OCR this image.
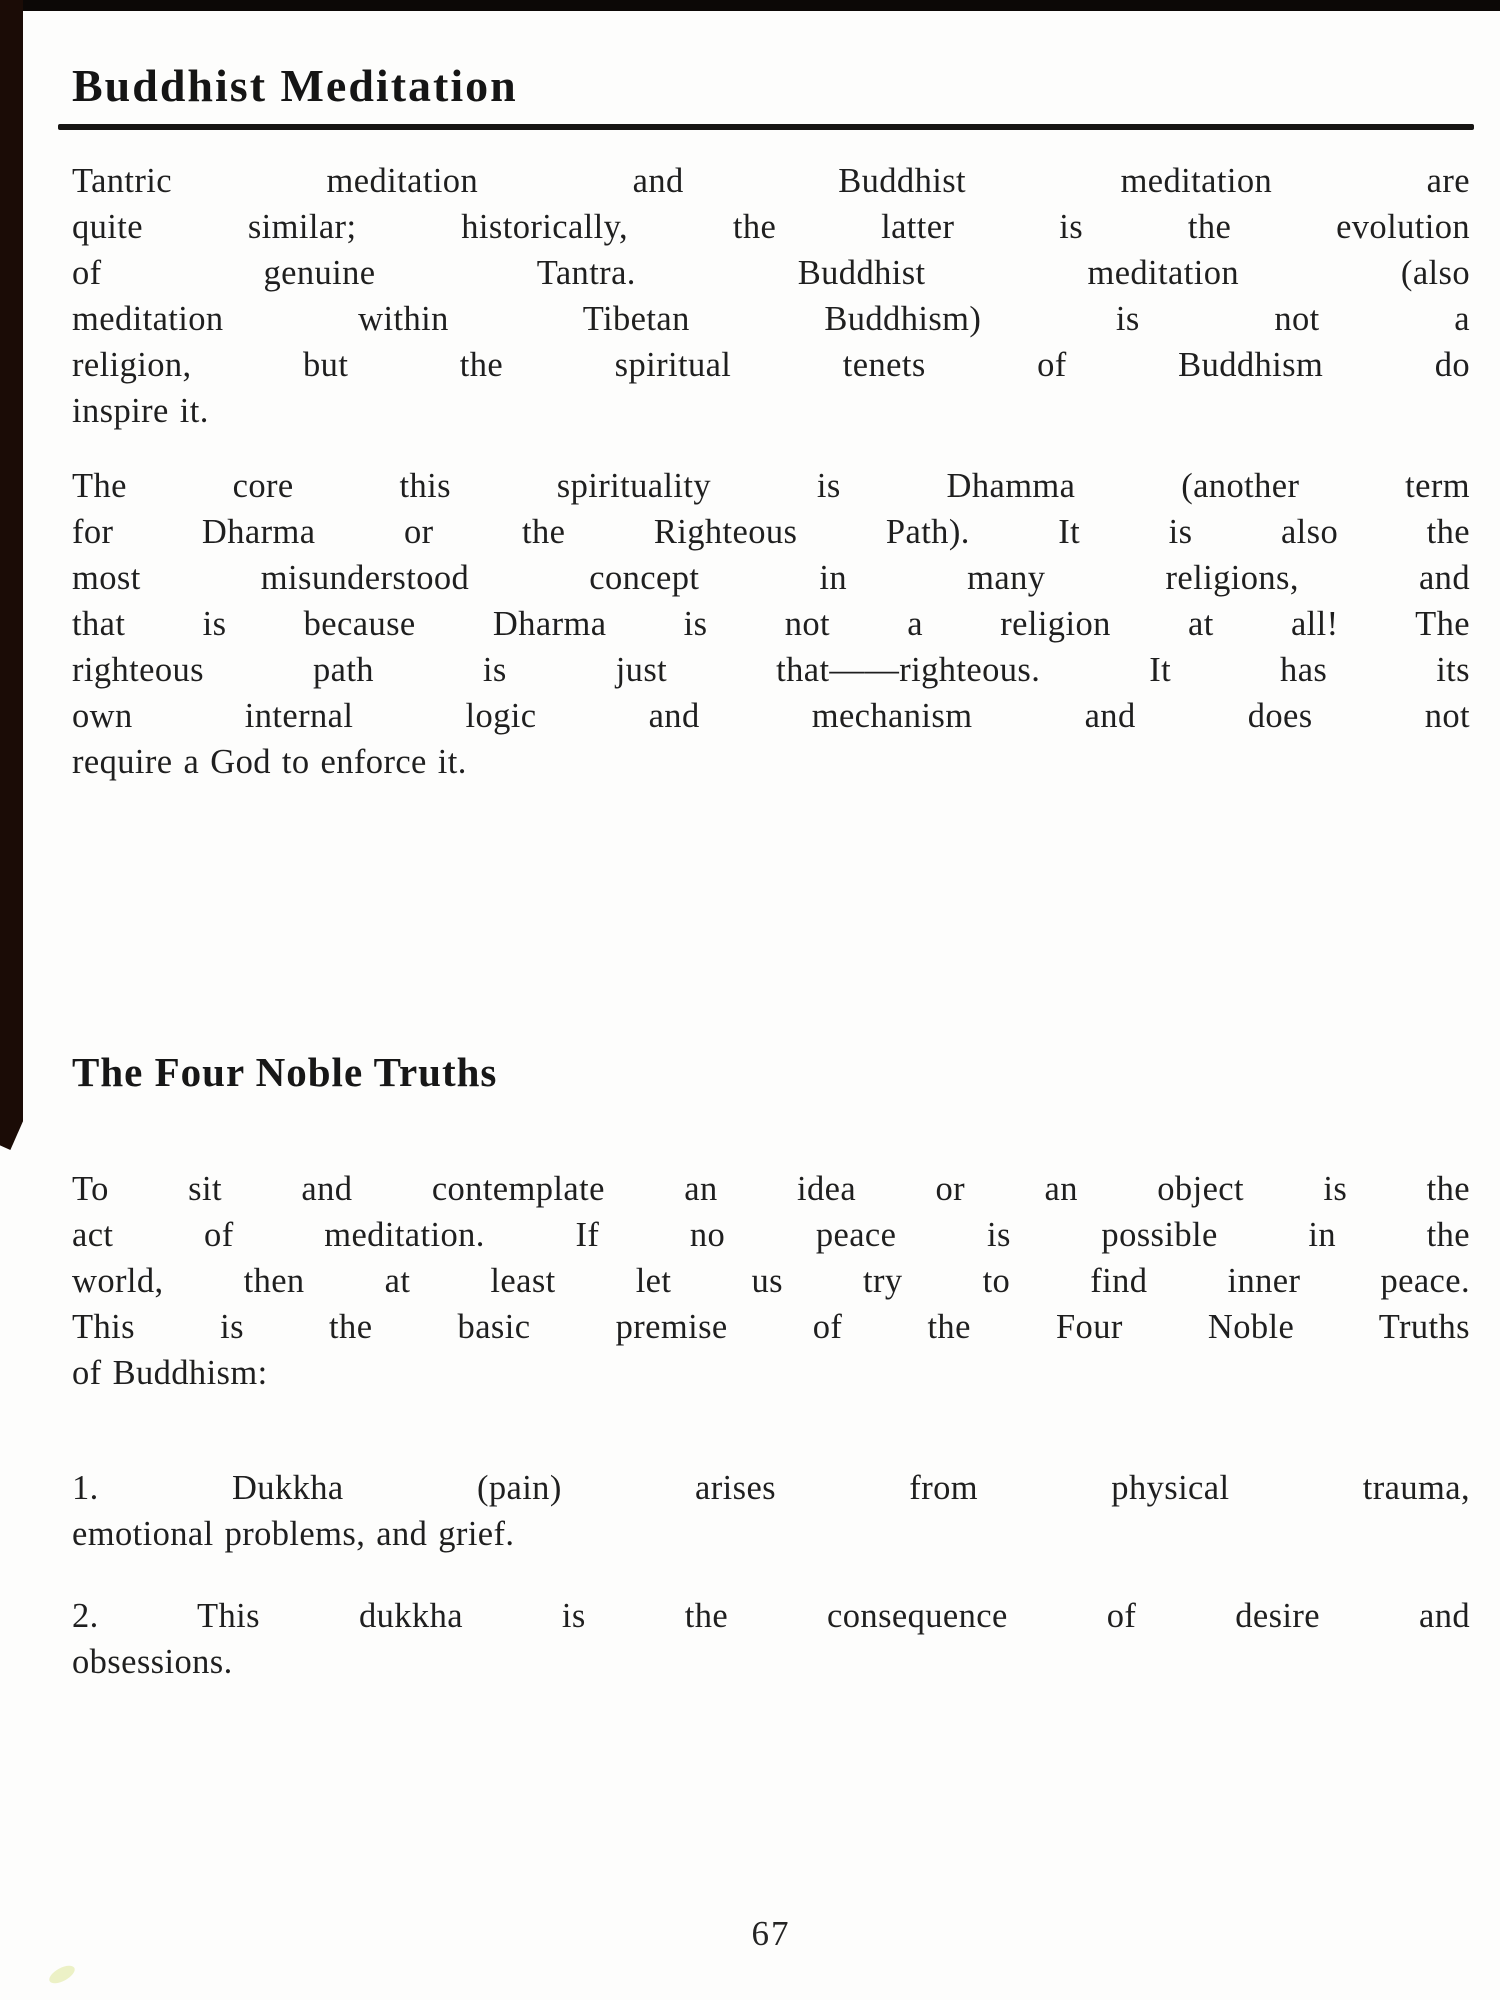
Buddhist Meditation
Tantric meditation and Buddhist meditation are
quite similar; historically, the latter is the evolution
of genuine Tantra. Buddhist meditation (also
meditation within Tibetan Buddhism) is not a
religion, but the spiritual tenets of Buddhism do
inspire it.
The core this spirituality is Dhamma (another term
for Dharma or the Righteous Path). It is also the
most misunderstood concept in many religions, and
that is because Dharma is not a religion at all! The
righteous path is just that——righteous. It has its
own internal logic and mechanism and does not
require a God to enforce it.
The Four Noble Truths
To sit and contemplate an idea or an object is the
act of meditation. If no peace is possible in the
world, then at least let us try to find inner peace.
This is the basic premise of the Four Noble Truths
of Buddhism:
1. Dukkha (pain) arises from physical trauma,
emotional problems, and grief.
2. This dukkha is the consequence of desire and
obsessions.
67
